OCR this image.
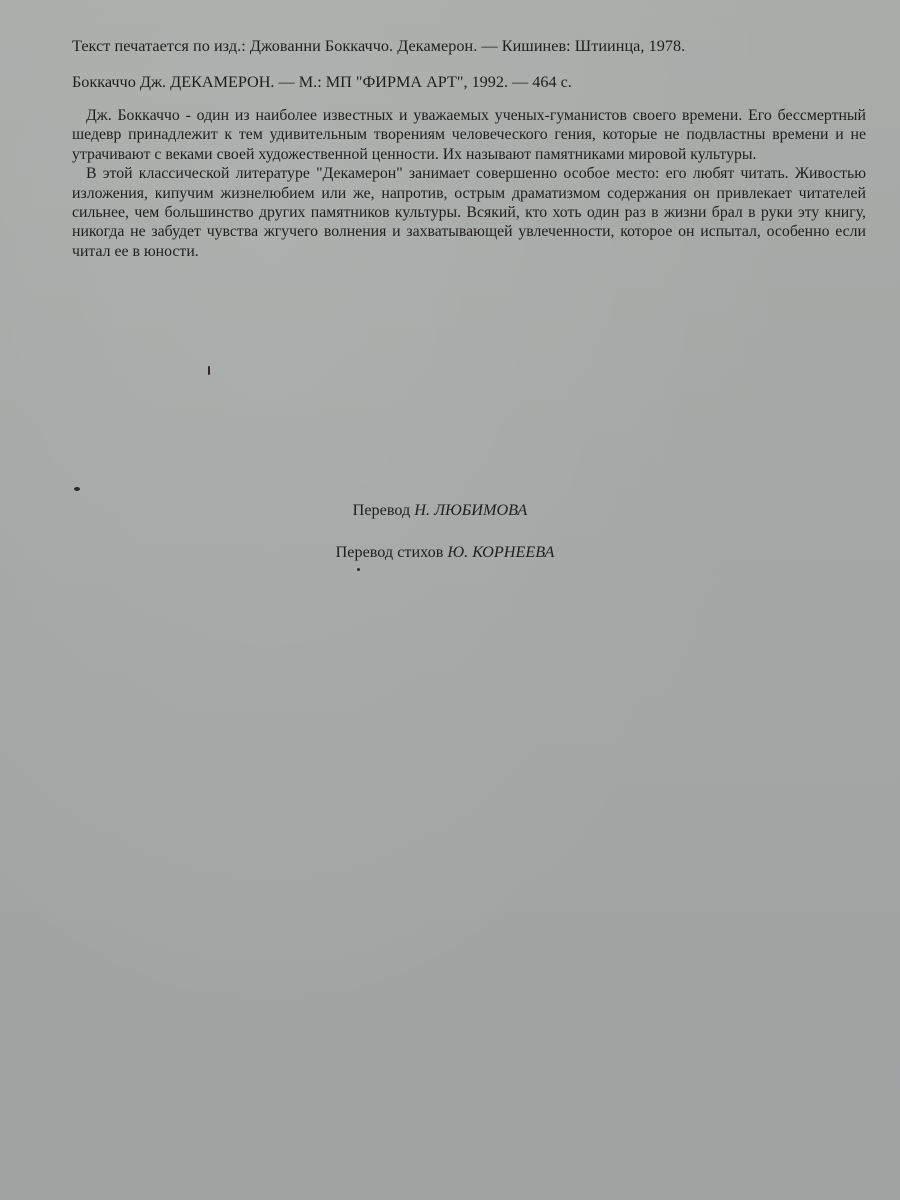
Текст печатается по изд.: Джованни Боккаччо. Декамерон. — Кишинев: Штиинца, 1978.
Боккаччо Дж. ДЕКАМЕРОН. — М.: МП "ФИРМА АРТ", 1992. — 464 с.

Дж. Боккаччо - один из наиболее известных и уважаемых ученых-гуманистов своего времени. Его бессмертный шедевр принадлежит к тем удивительным творениям человеческого гения, которые не подвластны времени и не утрачивают с веками своей художественной ценности. Их называют памятниками мировой культуры.

В этой классической литературе "Декамерон" занимает совершенно особое место: его любят читать. Живостью изложения, кипучим жизнелюбием или же, напротив, острым драматизмом содержания он привлекает читателей сильнее, чем большинство других памятников культуры. Всякий, кто хоть один раз в жизни брал в руки эту книгу, никогда не забудет чувства жгучего волнения и захватывающей увлеченности, которое он испытал, особенно если читал ее в юности.

Перевод Н. ЛЮБИМОВА
Перевод стихов Ю. КОРНЕЕВА
